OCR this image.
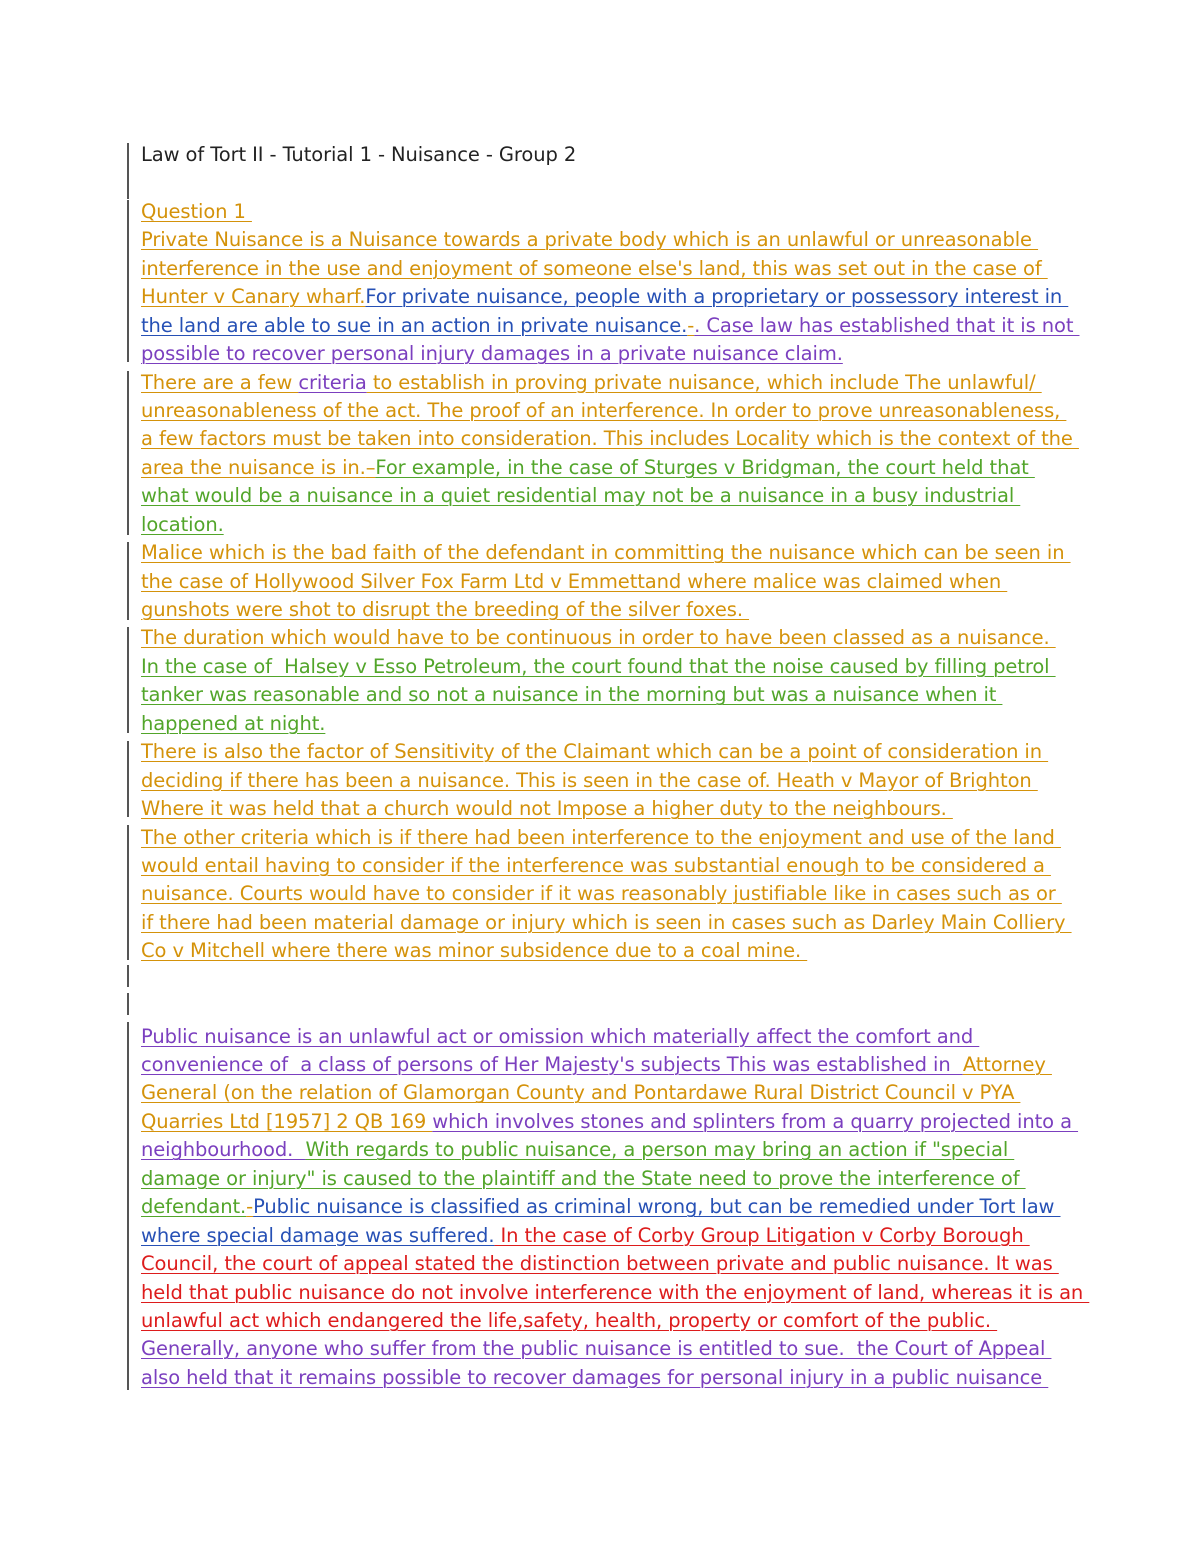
Law of Tort II - Tutorial 1 - Nuisance - Group 2
Question 1
Private Nuisance is a Nuisance towards a private body which is an unlawful or unreasonable
interference in the use and enjoyment of someone else's land, this was set out in the case of
Hunter v Canary wharf.For private nuisance, people with a proprietary or possessory interest in
the land are able to sue in an action in private nuisance.-. Case law has established that it is not
possible to recover personal injury damages in a private nuisance claim.
There are a few criteria to establish in proving private nuisance, which include The unlawful/
unreasonableness of the act. The proof of an interference. In order to prove unreasonableness,
a few factors must be taken into consideration. This includes Locality which is the context of the
area the nuisance is in.–For example, in the case of Sturges v Bridgman, the court held that
what would be a nuisance in a quiet residential may not be a nuisance in a busy industrial
location.
Malice which is the bad faith of the defendant in committing the nuisance which can be seen in
the case of Hollywood Silver Fox Farm Ltd v Emmettand where malice was claimed when
gunshots were shot to disrupt the breeding of the silver foxes.
The duration which would have to be continuous in order to have been classed as a nuisance.
In the case of  Halsey v Esso Petroleum, the court found that the noise caused by filling petrol
tanker was reasonable and so not a nuisance in the morning but was a nuisance when it
happened at night.
There is also the factor of Sensitivity of the Claimant which can be a point of consideration in
deciding if there has been a nuisance. This is seen in the case of. Heath v Mayor of Brighton
Where it was held that a church would not Impose a higher duty to the neighbours.
The other criteria which is if there had been interference to the enjoyment and use of the land
would entail having to consider if the interference was substantial enough to be considered a
nuisance. Courts would have to consider if it was reasonably justifiable like in cases such as or
if there had been material damage or injury which is seen in cases such as Darley Main Colliery
Co v Mitchell where there was minor subsidence due to a coal mine.
Public nuisance is an unlawful act or omission which materially affect the comfort and
convenience of  a class of persons of Her Majesty's subjects This was established in  Attorney
General (on the relation of Glamorgan County and Pontardawe Rural District Council v PYA
Quarries Ltd [1957] 2 QB 169 which involves stones and splinters from a quarry projected into a
neighbourhood.  With regards to public nuisance, a person may bring an action if "special
damage or injury" is caused to the plaintiff and the State need to prove the interference of
defendant.-Public nuisance is classified as criminal wrong, but can be remedied under Tort law
where special damage was suffered. In the case of Corby Group Litigation v Corby Borough
Council, the court of appeal stated the distinction between private and public nuisance. It was
held that public nuisance do not involve interference with the enjoyment of land, whereas it is an
unlawful act which endangered the life,safety, health, property or comfort of the public.
Generally, anyone who suffer from the public nuisance is entitled to sue.  the Court of Appeal
also held that it remains possible to recover damages for personal injury in a public nuisance
